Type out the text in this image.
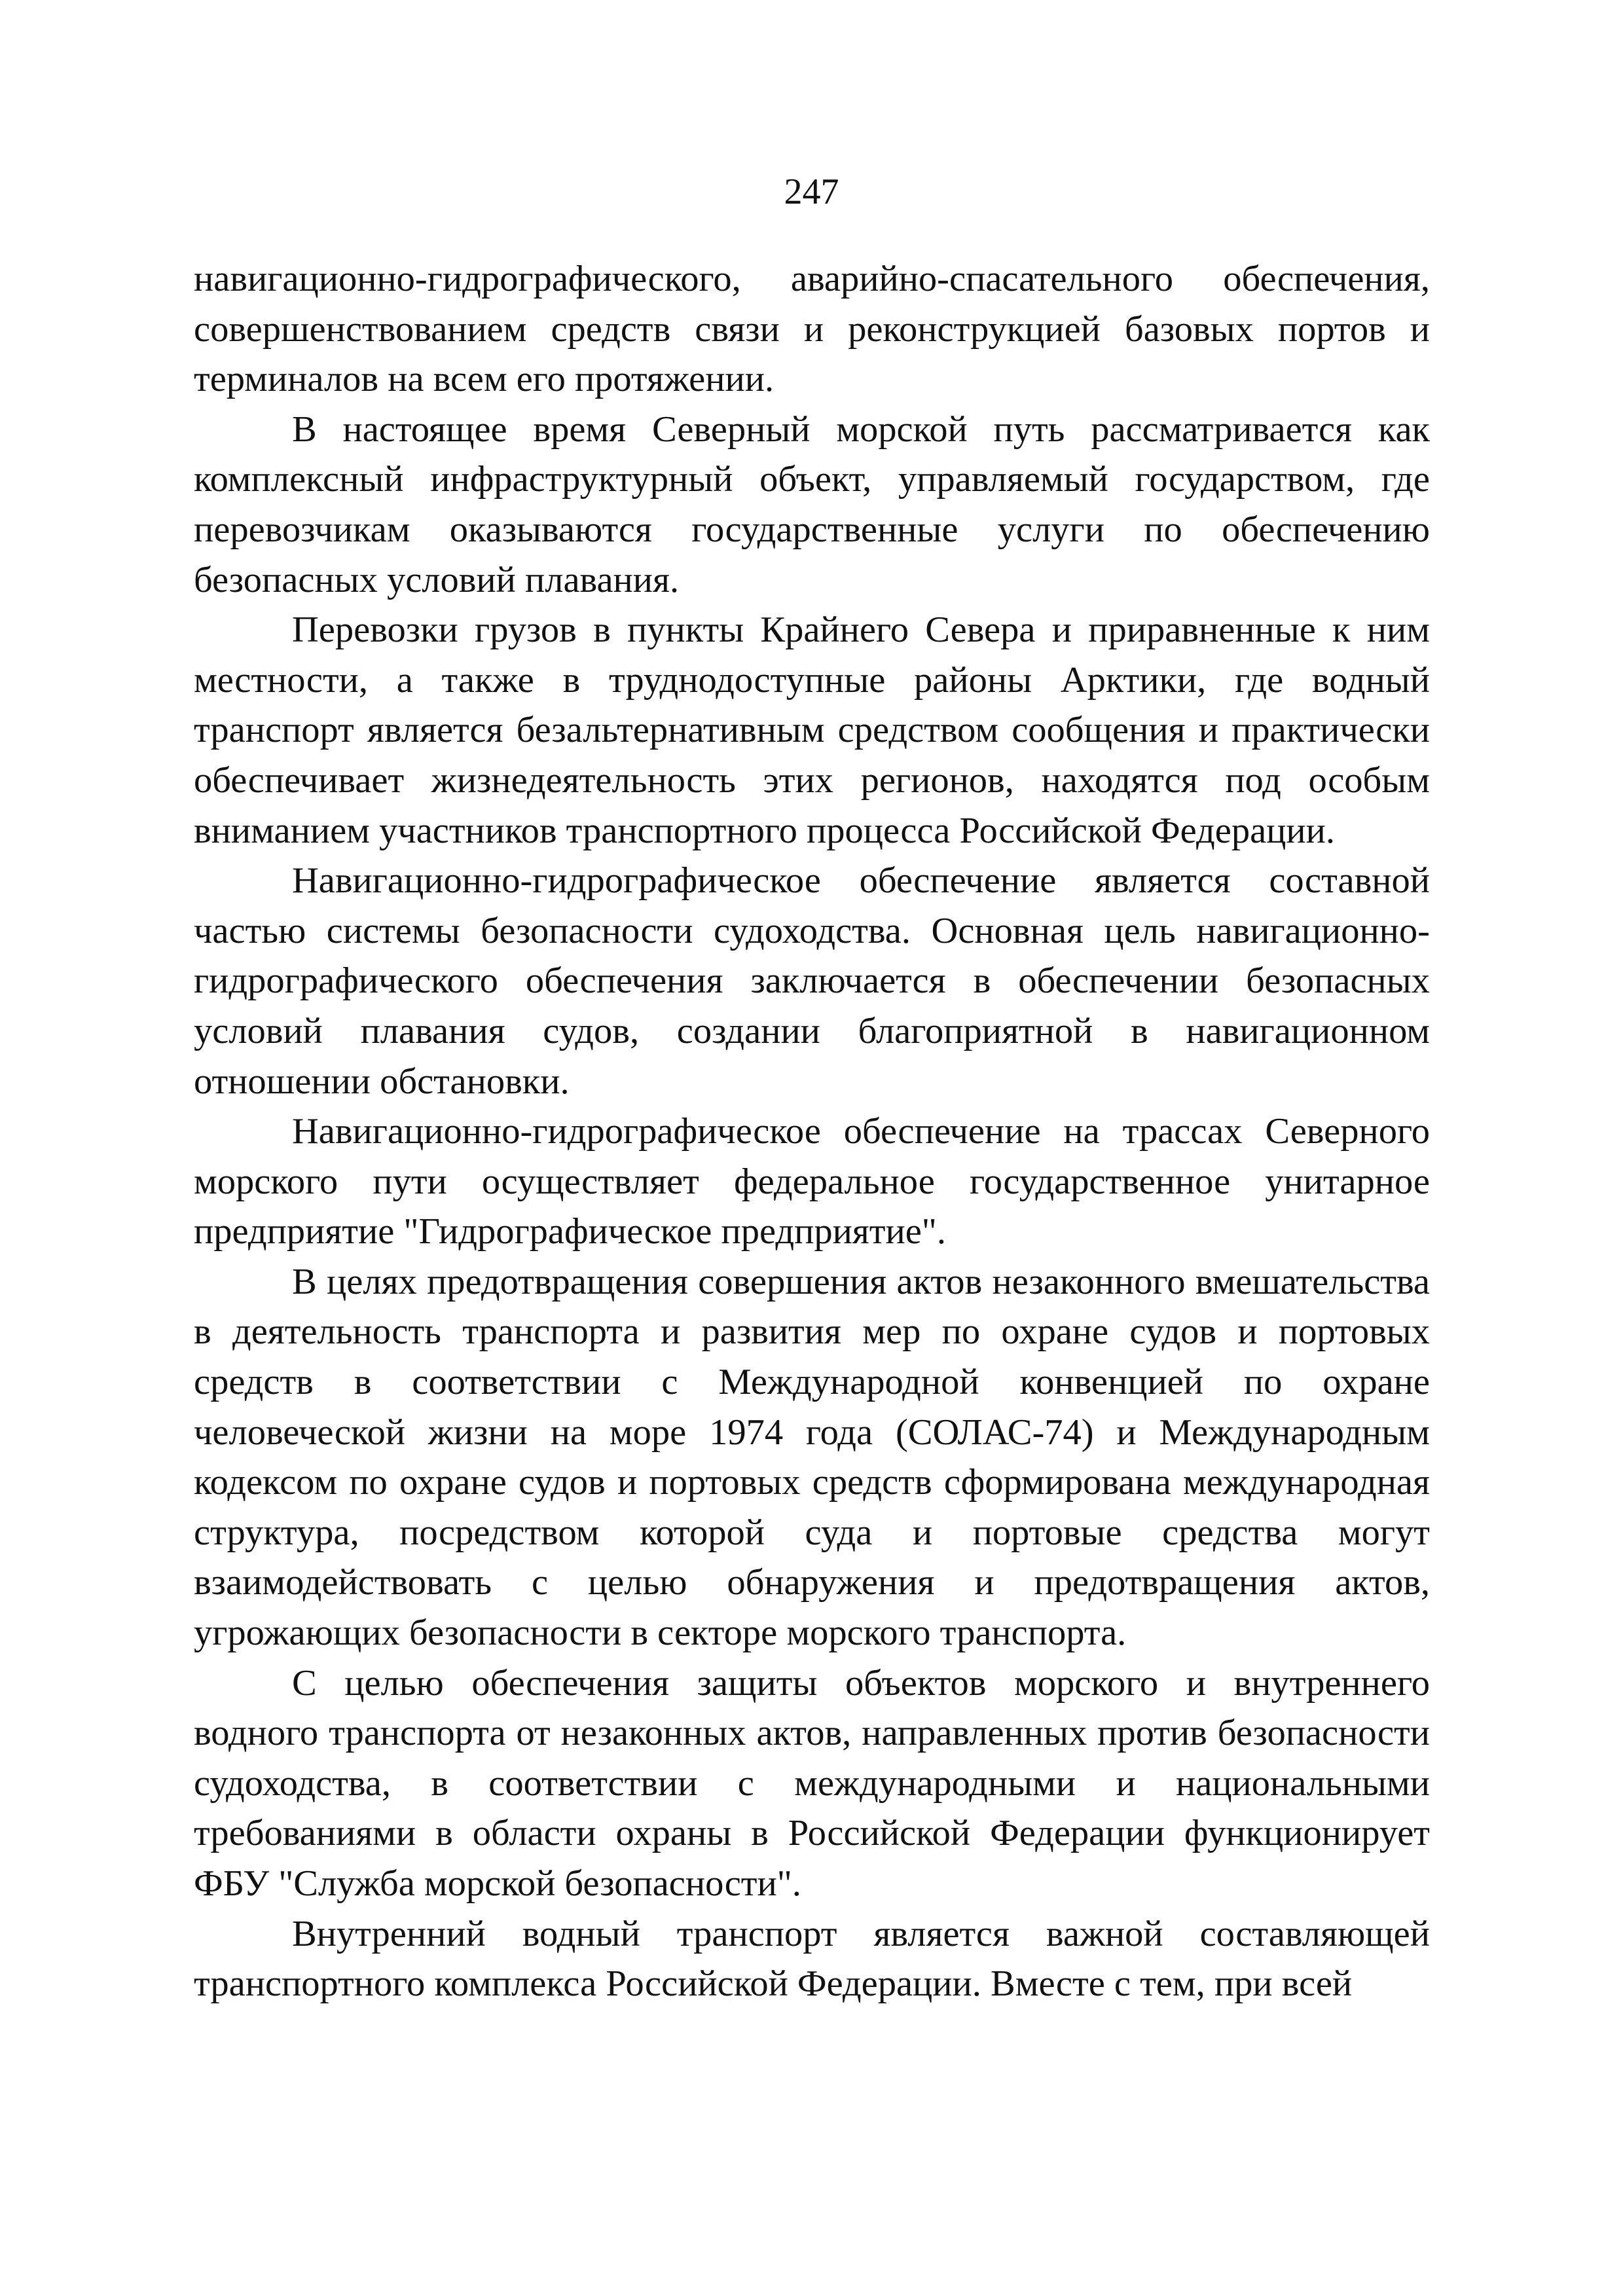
247

навигационно-гидрографического, аварийно-спасательного обеспечения, совершенствованием средств связи и реконструкцией базовых портов и терминалов на всем его протяжении.

В настоящее время Северный морской путь рассматривается как комплексный инфраструктурный объект, управляемый государством, где перевозчикам оказываются государственные услуги по обеспечению безопасных условий плавания.

Перевозки грузов в пункты Крайнего Севера и приравненные к ним местности, а также в труднодоступные районы Арктики, где водный транспорт является безальтернативным средством сообщения и практически обеспечивает жизнедеятельность этих регионов, находятся под особым вниманием участников транспортного процесса Российской Федерации.

Навигационно-гидрографическое обеспечение является составной частью системы безопасности судоходства. Основная цель навигационно-гидрографического обеспечения заключается в обеспечении безопасных условий плавания судов, создании благоприятной в навигационном отношении обстановки.

Навигационно-гидрографическое обеспечение на трассах Северного морского пути осуществляет федеральное государственное унитарное предприятие "Гидрографическое предприятие".

В целях предотвращения совершения актов незаконного вмешательства в деятельность транспорта и развития мер по охране судов и портовых средств в соответствии с Международной конвенцией по охране человеческой жизни на море 1974 года (СОЛАС-74) и Международным кодексом по охране судов и портовых средств сформирована международная структура, посредством которой суда и портовые средства могут взаимодействовать с целью обнаружения и предотвращения актов, угрожающих безопасности в секторе морского транспорта.

С целью обеспечения защиты объектов морского и внутреннего водного транспорта от незаконных актов, направленных против безопасности судоходства, в соответствии с международными и национальными требованиями в области охраны в Российской Федерации функционирует ФБУ "Служба морской безопасности".

Внутренний водный транспорт является важной составляющей транспортного комплекса Российской Федерации. Вместе с тем, при всей
